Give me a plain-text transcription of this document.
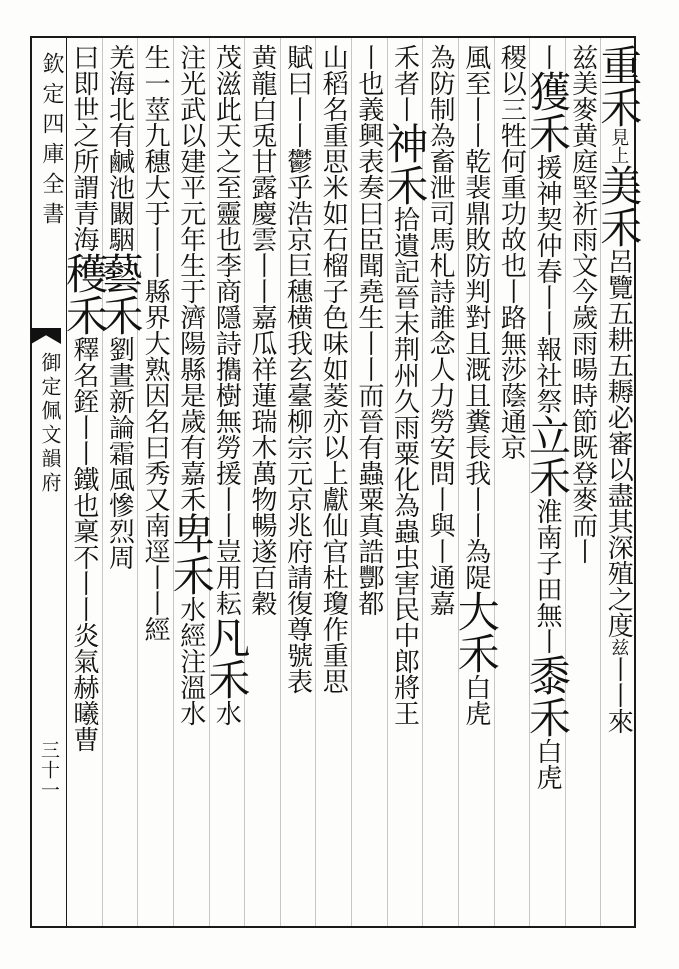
欽定四庫全書
御定佩文韻府
三十一
重禾見上美禾呂覽五耕五耨必審以盡其深殖之度兹丨丨來
兹美麥黄庭堅祈雨文今歲雨暘時節既登麥而丨
丨獲禾援神契仲春丨丨報社祭立禾淮南子田無丨黍禾白虎
稷以三牲何重功故也丨路無莎蔭通京
風至丨丨乾裴鼎敗防判對且溉且糞長我丨丨為隄大禾白虎
為防制為畜泄司馬札詩誰念人力勞安問丨與丨通嘉
禾者丨神禾拾遺記晉末荆州久雨粟化為蟲虫害民中郎將王
丨也義興表奏曰臣聞堯生丨丨而晉有蟲粟真誥酆都
山稻名重思米如石榴子色味如菱亦以上獻仙官杜瓊作重思
賦曰丨丨鬱乎浩京巨穗横我玄臺柳宗元京兆府請復尊號表
黄龍白兎甘露慶雲丨丨嘉瓜祥蓮瑞木萬物暢遂百穀
茂滋此天之至靈也李商隱詩㩦樹無勞援丨丨豈用耘凡禾水
注光武以建平元年生于濟陽縣是歲有嘉禾卑禾水經注溫水
生一莖九穗大于丨丨縣界大熟因名曰秀又南逕丨丨經
羌海北有鹹池闞駰藝禾劉晝新論霜風慘烈周
曰即世之所謂青海穫禾釋名銍丨丨鐵也稟不丨丨炎氣赫曦曹
